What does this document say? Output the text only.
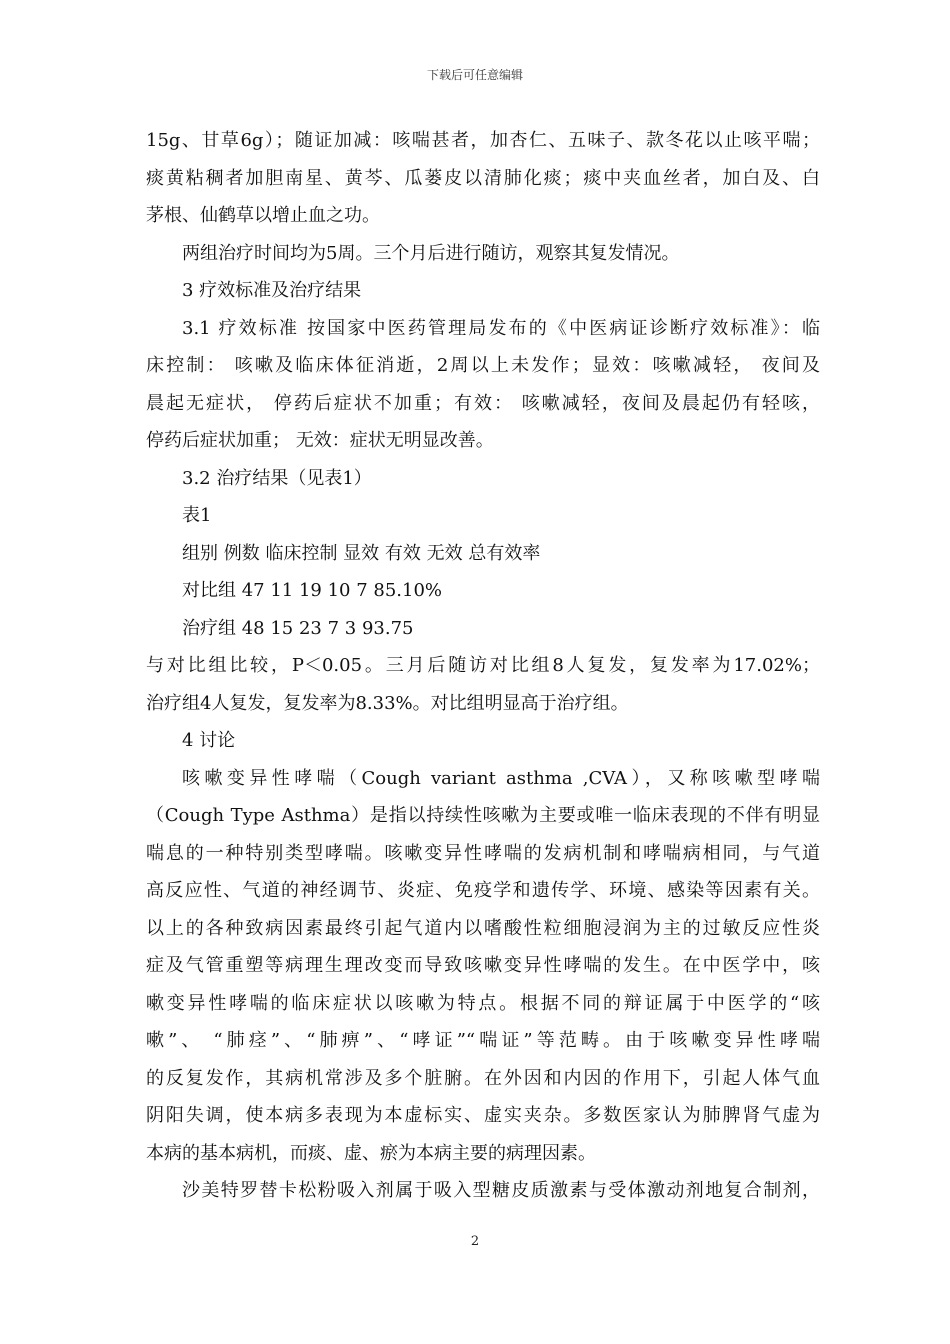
下载后可任意编辑

15g、甘草6g）；随证加减：咳喘甚者，加杏仁、五味子、款冬花以止咳平喘；
痰黄粘稠者加胆南星、黄芩、瓜蒌皮以清肺化痰；痰中夹血丝者，加白及、白
茅根、仙鹤草以增止血之功。

两组治疗时间均为5周。三个月后进行随访，观察其复发情况。

3 疗效标准及治疗结果

3.1 疗效标准 按国家中医药管理局发布的《中医病证诊断疗效标准》：临
床控制： 咳嗽及临床体征消逝，2周以上未发作；显效：咳嗽减轻， 夜间及
晨起无症状， 停药后症状不加重；有效： 咳嗽减轻，夜间及晨起仍有轻咳，
停药后症状加重； 无效：症状无明显改善。

3.2 治疗结果（见表1）

表1

组别 例数 临床控制 显效 有效 无效 总有效率

对比组 47 11 19 10 7 85.10%

治疗组 48 15 23 7 3 93.75

与对比组比较，P＜0.05。三月后随访对比组8人复发，复发率为17.02%；
治疗组4人复发，复发率为8.33%。对比组明显高于治疗组。

4 讨论

咳嗽变异性哮喘（Cough variant asthma ,CVA），又称咳嗽型哮喘
（Cough Type Asthma）是指以持续性咳嗽为主要或唯一临床表现的不伴有明显
喘息的一种特别类型哮喘。咳嗽变异性哮喘的发病机制和哮喘病相同，与气道
高反应性、气道的神经调节、炎症、免疫学和遗传学、环境、感染等因素有关。
以上的各种致病因素最终引起气道内以嗜酸性粒细胞浸润为主的过敏反应性炎
症及气管重塑等病理生理改变而导致咳嗽变异性哮喘的发生。在中医学中，咳
嗽变异性哮喘的临床症状以咳嗽为特点。根据不同的辩证属于中医学的“咳
嗽”、 “肺痉”、“肺痹”、“哮证”“喘证”等范畴。由于咳嗽变异性哮喘
的反复发作，其病机常涉及多个脏腑。在外因和内因的作用下，引起人体气血
阴阳失调，使本病多表现为本虚标实、虚实夹杂。多数医家认为肺脾肾气虚为
本病的基本病机，而痰、虚、瘀为本病主要的病理因素。

沙美特罗替卡松粉吸入剂属于吸入型糖皮质激素与受体激动剂地复合制剂，

2
